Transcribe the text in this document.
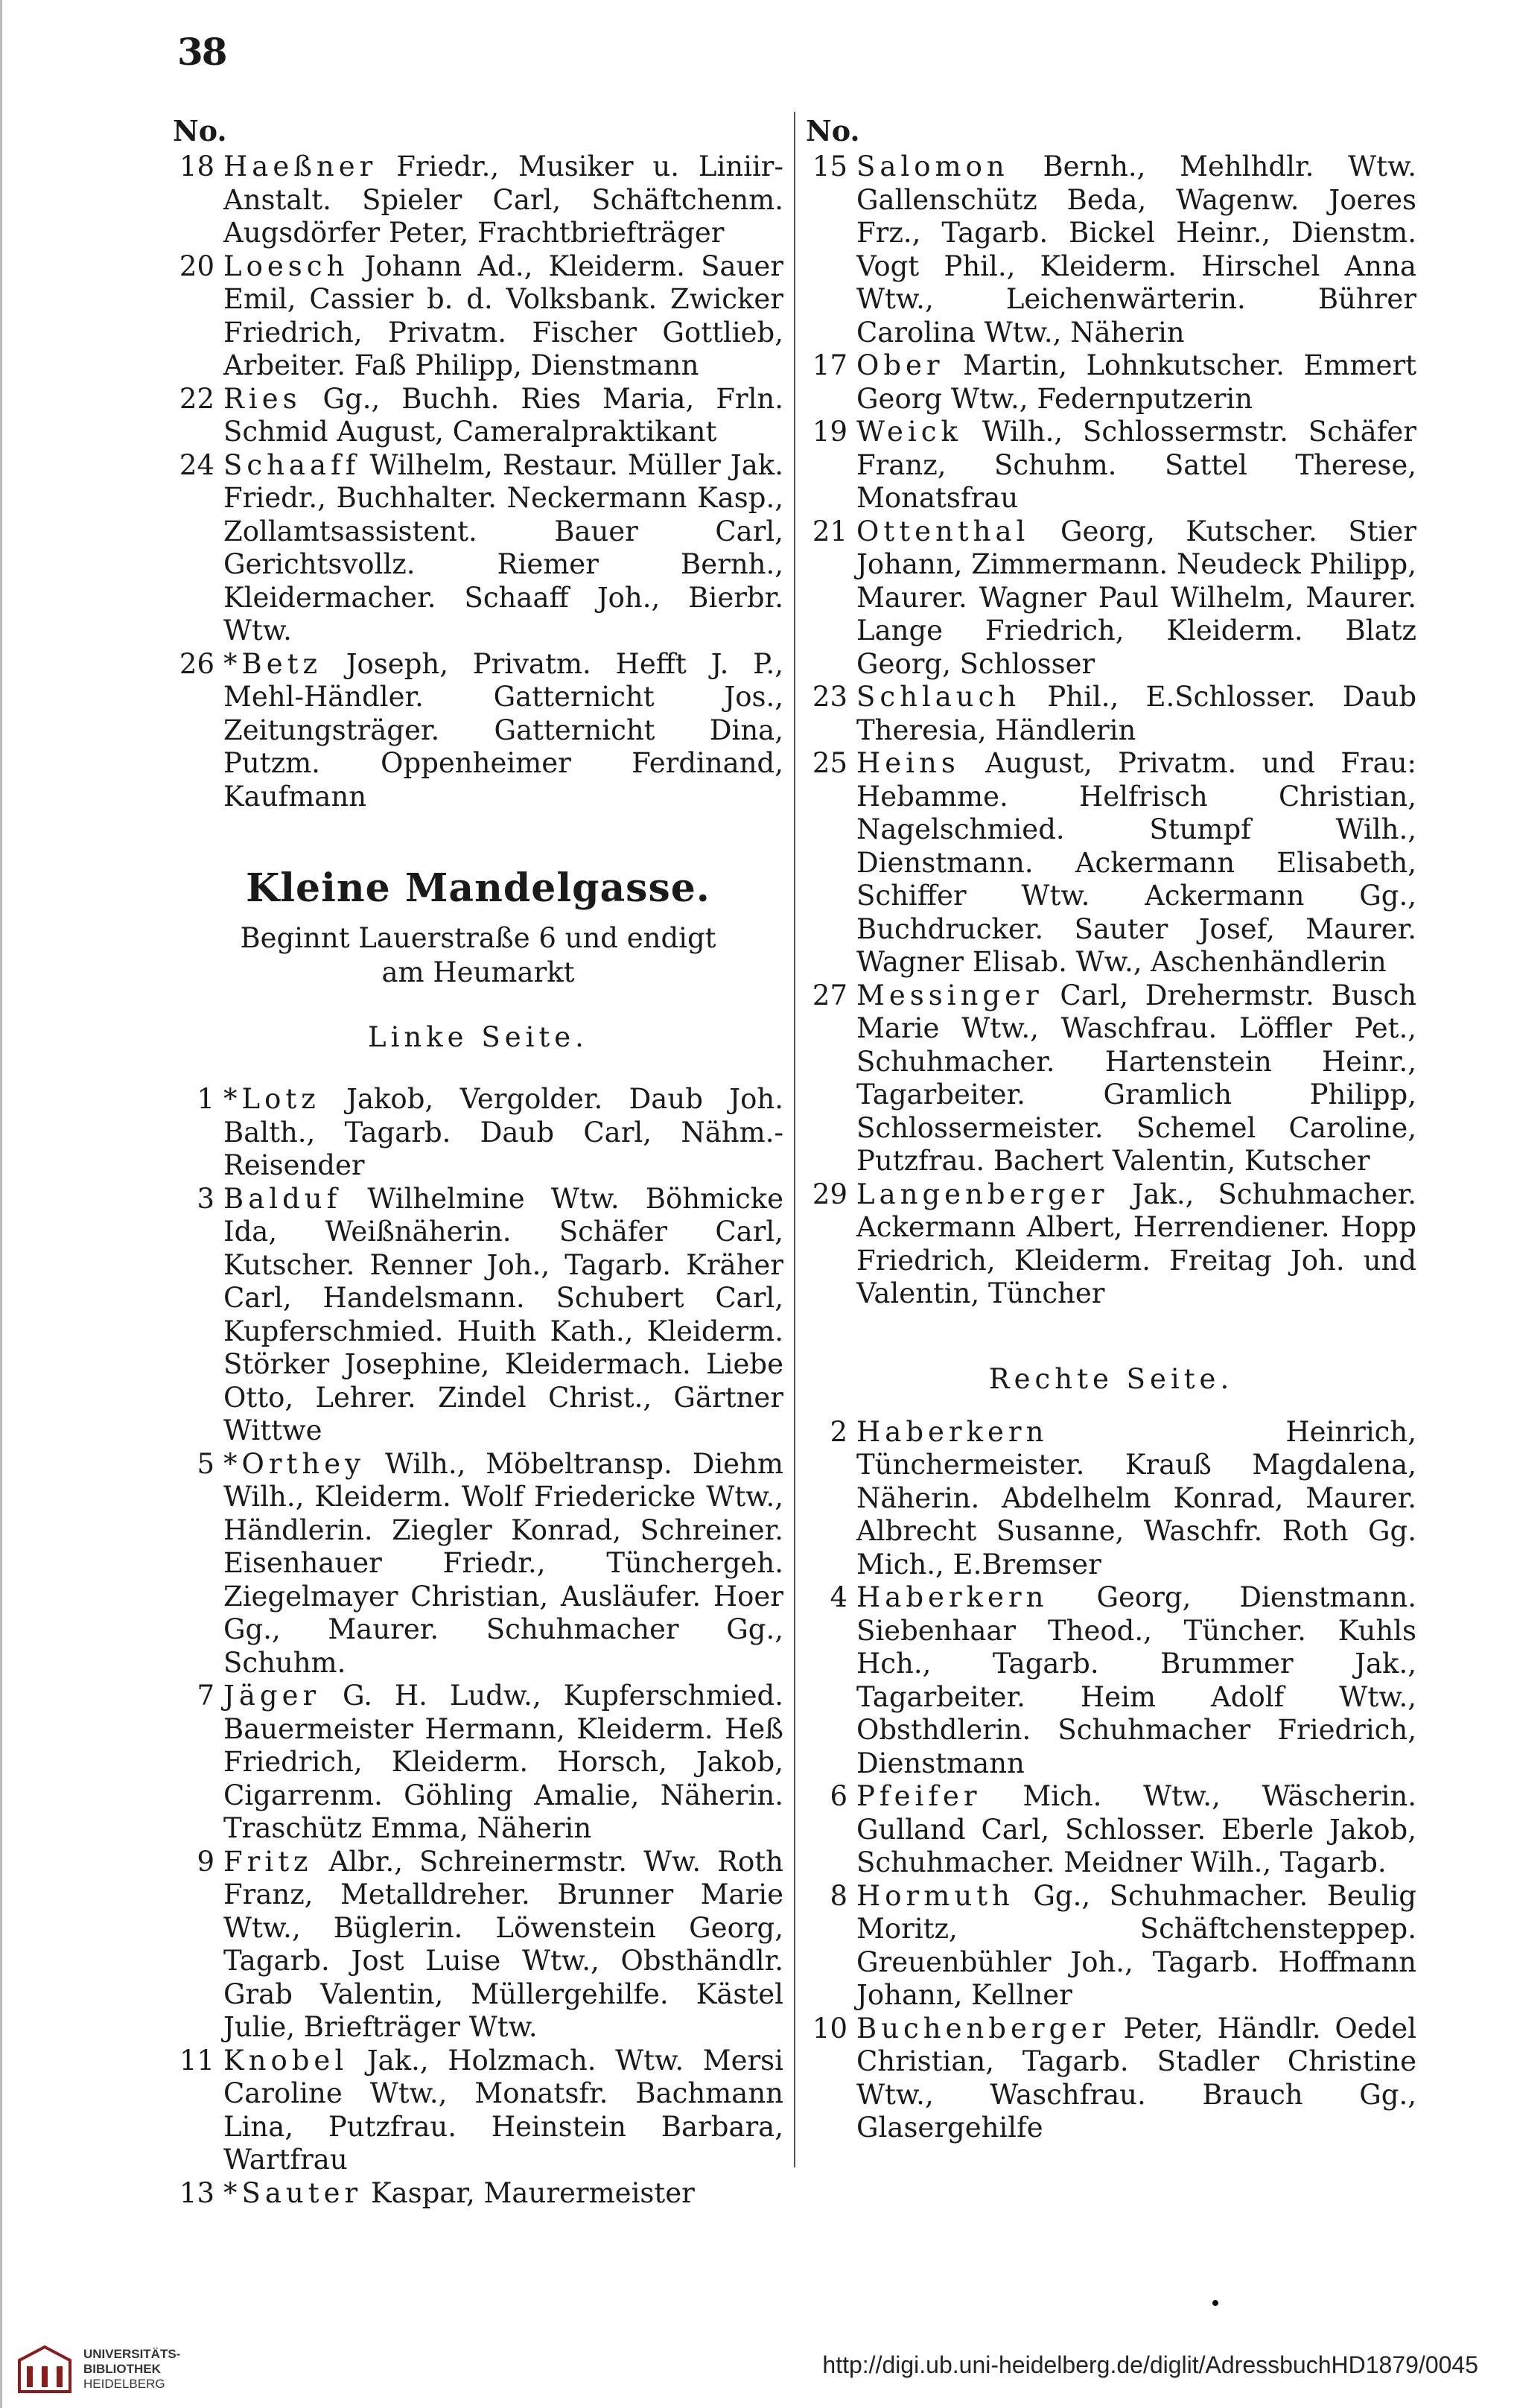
38
No.
18 Haeßner Friedr., Musiker u. Liniir-Anstalt. Spieler Carl, Schäftchenm. Augsdörfer Peter, Frachtbriefträger
20 Loesch Johann Ad., Kleiderm. Sauer Emil, Cassier b. d. Volksbank. Zwicker Friedrich, Privatm. Fischer Gottlieb, Arbeiter. Faß Philipp, Dienstmann
22 Ries Gg., Buchh. Ries Maria, Frln. Schmid August, Cameralpraktikant
24 Schaaff Wilhelm, Restaur. Müller Jak. Friedr., Buchhalter. Neckermann Kasp., Zollamtsassistent. Bauer Carl, Gerichtsvollz. Riemer Bernh., Kleidermacher. Schaaff Joh., Bierbr. Wtw.
26 *Betz Joseph, Privatm. Hefft J. P., Mehl-Händler. Gatternicht Jos., Zeitungsträger. Gatternicht Dina, Putzm. Oppenheimer Ferdinand, Kaufmann
Kleine Mandelgasse.
Beginnt Lauerstraße 6 und endigt am Heumarkt
Linke Seite.
1 *Lotz Jakob, Vergolder. Daub Joh. Balth., Tagarb. Daub Carl, Nähm.-Reisender
3 Balduf Wilhelmine Wtw. Böhmicke Ida, Weißnäherin. Schäfer Carl, Kutscher. Renner Joh., Tagarb. Kräher Carl, Handelsmann. Schubert Carl, Kupferschmied. Huith Kath., Kleiderm. Störker Josephine, Kleidermach. Liebe Otto, Lehrer. Zindel Christ., Gärtner Wittwe
5 *Orthey Wilh., Möbeltransp. Diehm Wilh., Kleiderm. Wolf Friedericke Wtw., Händlerin. Ziegler Konrad, Schreiner. Eisenhauer Friedr., Tünchergeh. Ziegelmayer Christian, Ausläufer. Hoer Gg., Maurer. Schuhmacher Gg., Schuhm.
7 Jäger G. H. Ludw., Kupferschmied. Bauermeister Hermann, Kleiderm. Heß Friedrich, Kleiderm. Horsch, Jakob, Cigarrenm. Göhling Amalie, Näherin. Traschütz Emma, Näherin
9 Fritz Albr., Schreinermstr. Ww. Roth Franz, Metalldreher. Brunner Marie Wtw., Büglerin. Löwenstein Georg, Tagarb. Jost Luise Wtw., Obsthändlr. Grab Valentin, Müllergehilfe. Kästel Julie, Briefträger Wtw.
11 Knobel Jak., Holzmach. Wtw. Mersi Caroline Wtw., Monatsfr. Bachmann Lina, Putzfrau. Heinstein Barbara, Wartfrau
13 *Sauter Kaspar, Maurermeister
No.
15 Salomon Bernh., Mehlhdlr. Wtw. Gallenschütz Beda, Wagenw. Joeres Frz., Tagarb. Bickel Heinr., Dienstm. Vogt Phil., Kleiderm. Hirschel Anna Wtw., Leichenwärterin. Bührer Carolina Wtw., Näherin
17 Ober Martin, Lohnkutscher. Emmert Georg Wtw., Federnputzerin
19 Weick Wilh., Schlossermstr. Schäfer Franz, Schuhm. Sattel Therese, Monatsfrau
21 Ottenthal Georg, Kutscher. Stier Johann, Zimmermann. Neudeck Philipp, Maurer. Wagner Paul Wilhelm, Maurer. Lange Friedrich, Kleiderm. Blatz Georg, Schlosser
23 Schlauch Phil., E.Schlosser. Daub Theresia, Händlerin
25 Heins August, Privatm. und Frau: Hebamme. Helfrisch Christian, Nagelschmied. Stumpf Wilh., Dienstmann. Ackermann Elisabeth, Schiffer Wtw. Ackermann Gg., Buchdrucker. Sauter Josef, Maurer. Wagner Elisab. Ww., Aschenhändlerin
27 Messinger Carl, Drehermstr. Busch Marie Wtw., Waschfrau. Löffler Pet., Schuhmacher. Hartenstein Heinr., Tagarbeiter. Gramlich Philipp, Schlossermeister. Schemel Caroline, Putzfrau. Bachert Valentin, Kutscher
29 Langenberger Jak., Schuhmacher. Ackermann Albert, Herrendiener. Hopp Friedrich, Kleiderm. Freitag Joh. und Valentin, Tüncher
Rechte Seite.
2 Haberkern	Heinrich, Tünchermeister. Krauß Magdalena, Näherin. Abdelhelm Konrad, Maurer. Albrecht Susanne, Waschfr. Roth Gg. Mich., E.Bremser
4 Haberkern Georg, Dienstmann. Siebenhaar Theod., Tüncher. Kuhls Hch., Tagarb. Brummer Jak., Tagarbeiter. Heim Adolf Wtw., Obsthdlerin. Schuhmacher Friedrich, Dienstmann
6 Pfeifer Mich. Wtw., Wäscherin. Gulland Carl, Schlosser. Eberle Jakob, Schuhmacher. Meidner Wilh., Tagarb.
8 Hormuth Gg., Schuhmacher. Beulig Moritz, Schäftchensteppер. Greuenbühler Joh., Tagarb. Hoffmann Johann, Kellner
10 Buchenberger Peter, Händlr. Oedel Christian, Tagarb. Stadler Christine Wtw., Waschfrau. Brauch Gg., Glasergehilfe
UNIVERSITÄTS-
BIBLIOTHEK
HEIDELBERG
http://digi.ub.uni-heidelberg.de/diglit/AdressbuchHD1879/0045
